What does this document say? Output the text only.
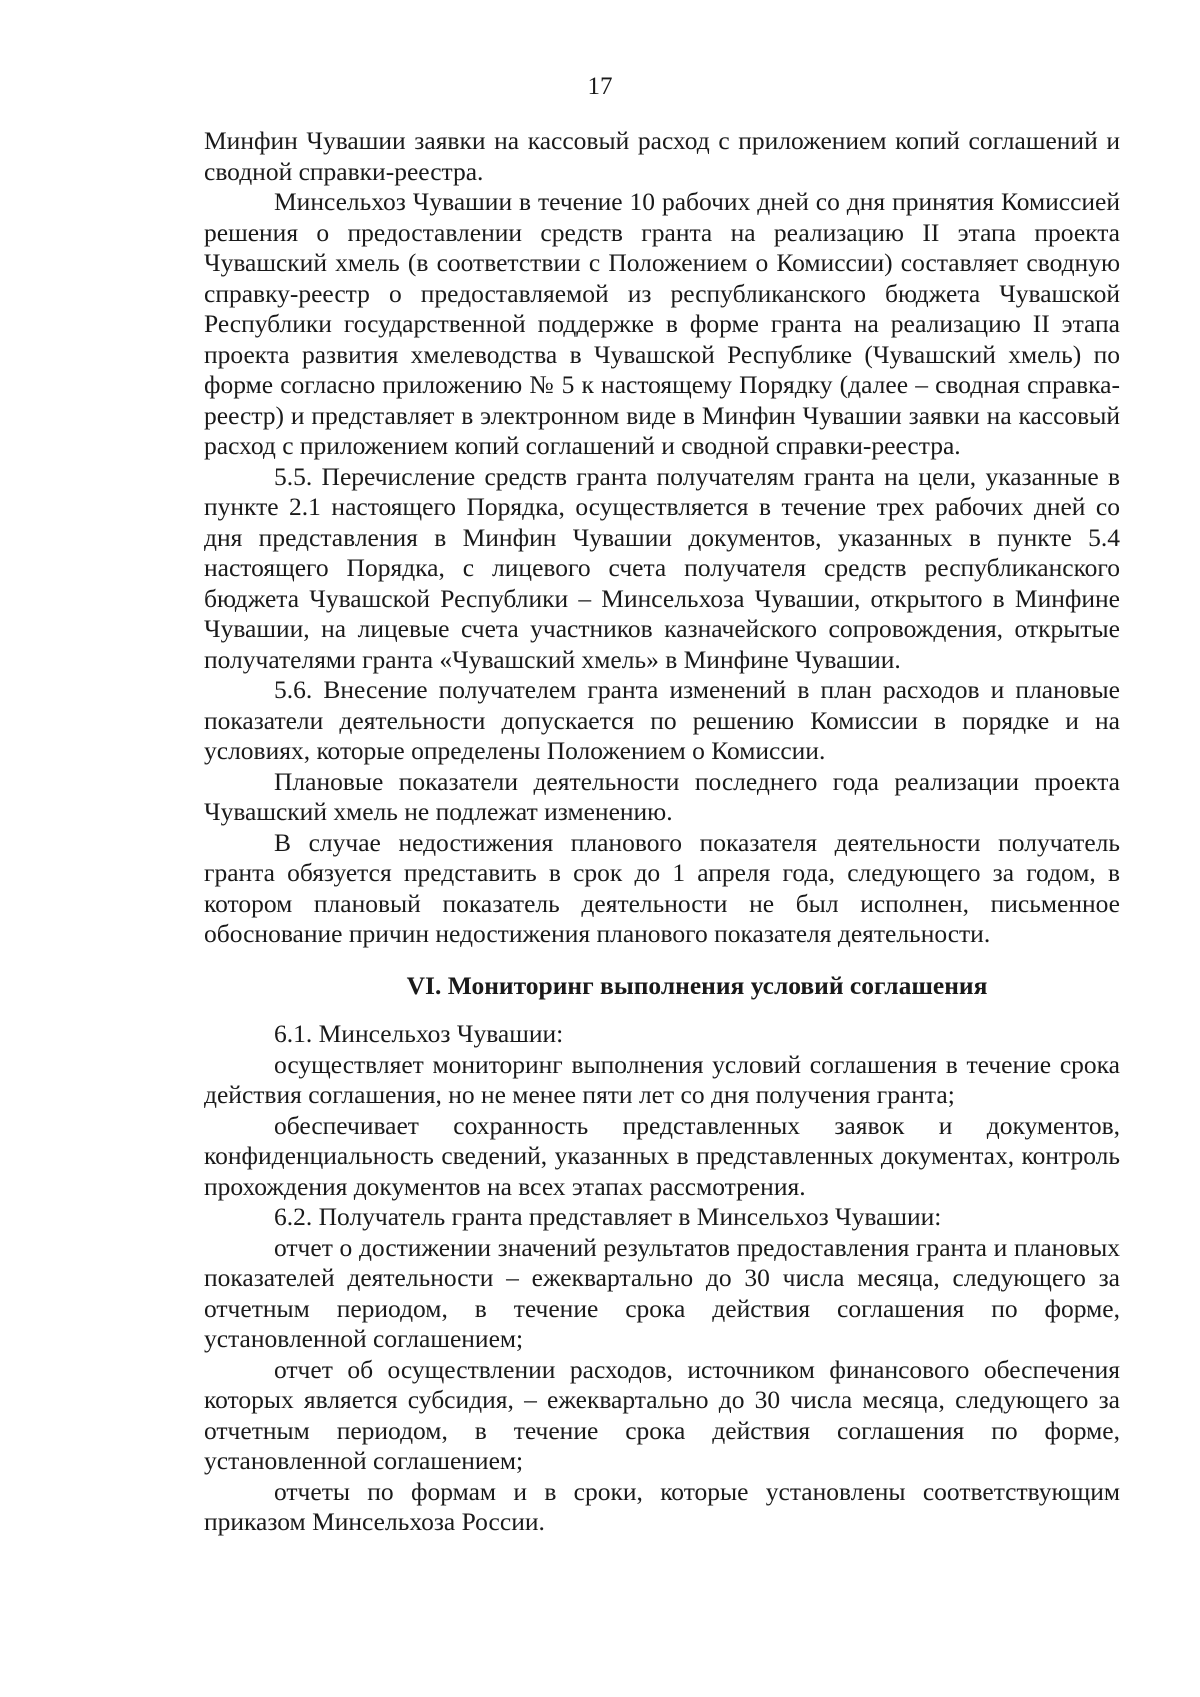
17

Минфин Чувашии заявки на кассовый расход с приложением копий соглашений и сводной справки-реестра.

Минсельхоз Чувашии в течение 10 рабочих дней со дня принятия Комиссией решения о предоставлении средств гранта на реализацию II этапа проекта Чувашский хмель (в соответствии с Положением о Комиссии) составляет сводную справку-реестр о предоставляемой из республиканского бюджета Чувашской Республики государственной поддержке в форме гранта на реализацию II этапа проекта развития хмелеводства в Чувашской Республике (Чувашский хмель) по форме согласно приложению № 5 к настоящему Порядку (далее – сводная справка-реестр) и представляет в электронном виде в Минфин Чувашии заявки на кассовый расход с приложением копий соглашений и сводной справки-реестра.

5.5. Перечисление средств гранта получателям гранта на цели, указанные в пункте 2.1 настоящего Порядка, осуществляется в течение трех рабочих дней со дня представления в Минфин Чувашии документов, указанных в пункте 5.4 настоящего Порядка, с лицевого счета получателя средств республиканского бюджета Чувашской Республики – Минсельхоза Чувашии, открытого в Минфине Чувашии, на лицевые счета участников казначейского сопровождения, открытые получателями гранта «Чувашский хмель» в Минфине Чувашии.

5.6. Внесение получателем гранта изменений в план расходов и плановые показатели деятельности допускается по решению Комиссии в порядке и на условиях, которые определены Положением о Комиссии.

Плановые показатели деятельности последнего года реализации проекта Чувашский хмель не подлежат изменению.

В случае недостижения планового показателя деятельности получатель гранта обязуется представить в срок до 1 апреля года, следующего за годом, в котором плановый показатель деятельности не был исполнен, письменное обоснование причин недостижения планового показателя деятельности.

VI. Мониторинг выполнения условий соглашения

6.1. Минсельхоз Чувашии:

осуществляет мониторинг выполнения условий соглашения в течение срока действия соглашения, но не менее пяти лет со дня получения гранта;

обеспечивает сохранность представленных заявок и документов, конфиденциальность сведений, указанных в представленных документах, контроль прохождения документов на всех этапах рассмотрения.

6.2. Получатель гранта представляет в Минсельхоз Чувашии:

отчет о достижении значений результатов предоставления гранта и плановых показателей деятельности – ежеквартально до 30 числа месяца, следующего за отчетным периодом, в течение срока действия соглашения по форме, установленной соглашением;

отчет об осуществлении расходов, источником финансового обеспечения которых является субсидия, – ежеквартально до 30 числа месяца, следующего за отчетным периодом, в течение срока действия соглашения по форме, установленной соглашением;

отчеты по формам и в сроки, которые установлены соответствующим приказом Минсельхоза России.
